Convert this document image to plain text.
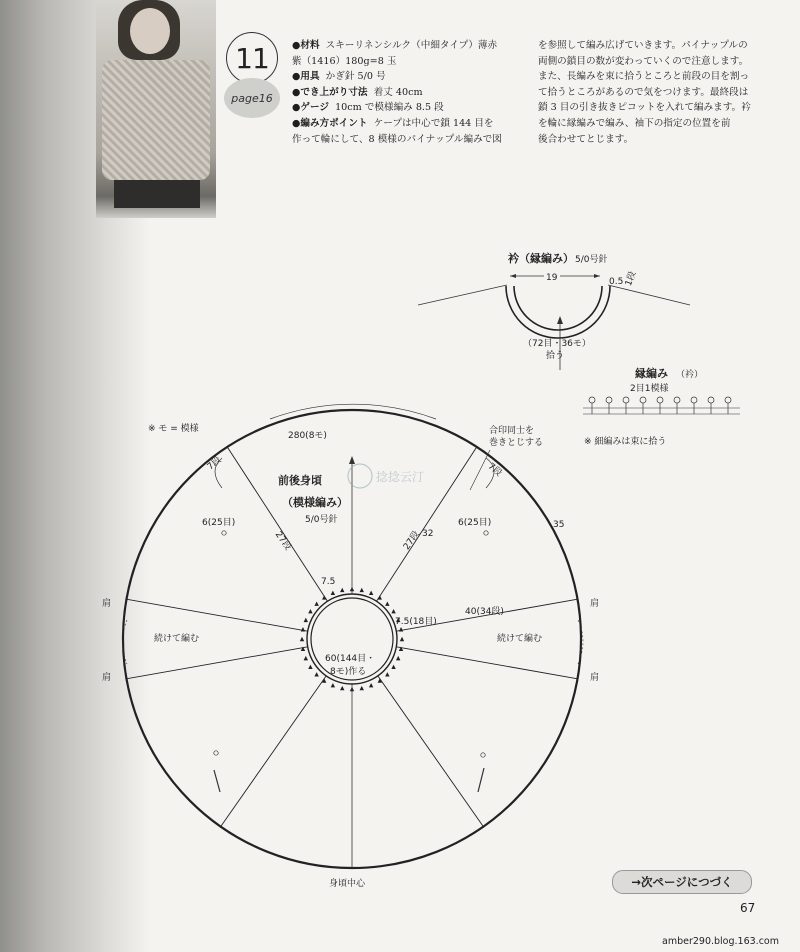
11
page16
●材料 スキーリネンシルク（中細タイプ）薄赤
紫（1416）180g=8 玉
●用具 かぎ針 5/0 号
●でき上がり寸法 着丈 40cm
●ゲージ 10cm で模様編み 8.5 段
●編み方ポイント ケープは中心で鎖 144 目を
作って輪にして、8 模様のパイナップル編みで図
を参照して編み広げていきます。パイナップルの
両側の鎖目の数が変わっていくので注意します。
また、長編みを束に拾うところと前段の目を割っ
て拾うところがあるので気をつけます。最終段は
鎖 3 目の引き抜きピコットを入れて編みます。衿
を輪に縁編みで編み、袖下の指定の位置を前
後合わせてとじます。
衿（縁編み） 5/0号針
19	0.5 1段
（72目・36モ）
拾う
縁編み （衿）
2目1模様
※ 細編みは束に拾う
※ モ = 模様
280(8モ)
前後身頃
（模様編み）
5/0号針
合印同士を
巻きとじする
7段	7段
6(25目)	6(25目)
27段	27段 32
35
7.5
7.5(18目)
40(34段)
肩
肩
肩
肩
続けて編む	続けて編む
60(144目・
8モ)作る
身頃中心
捻捻云汀
→次ページにつづく
67
amber290.blog.163.com
